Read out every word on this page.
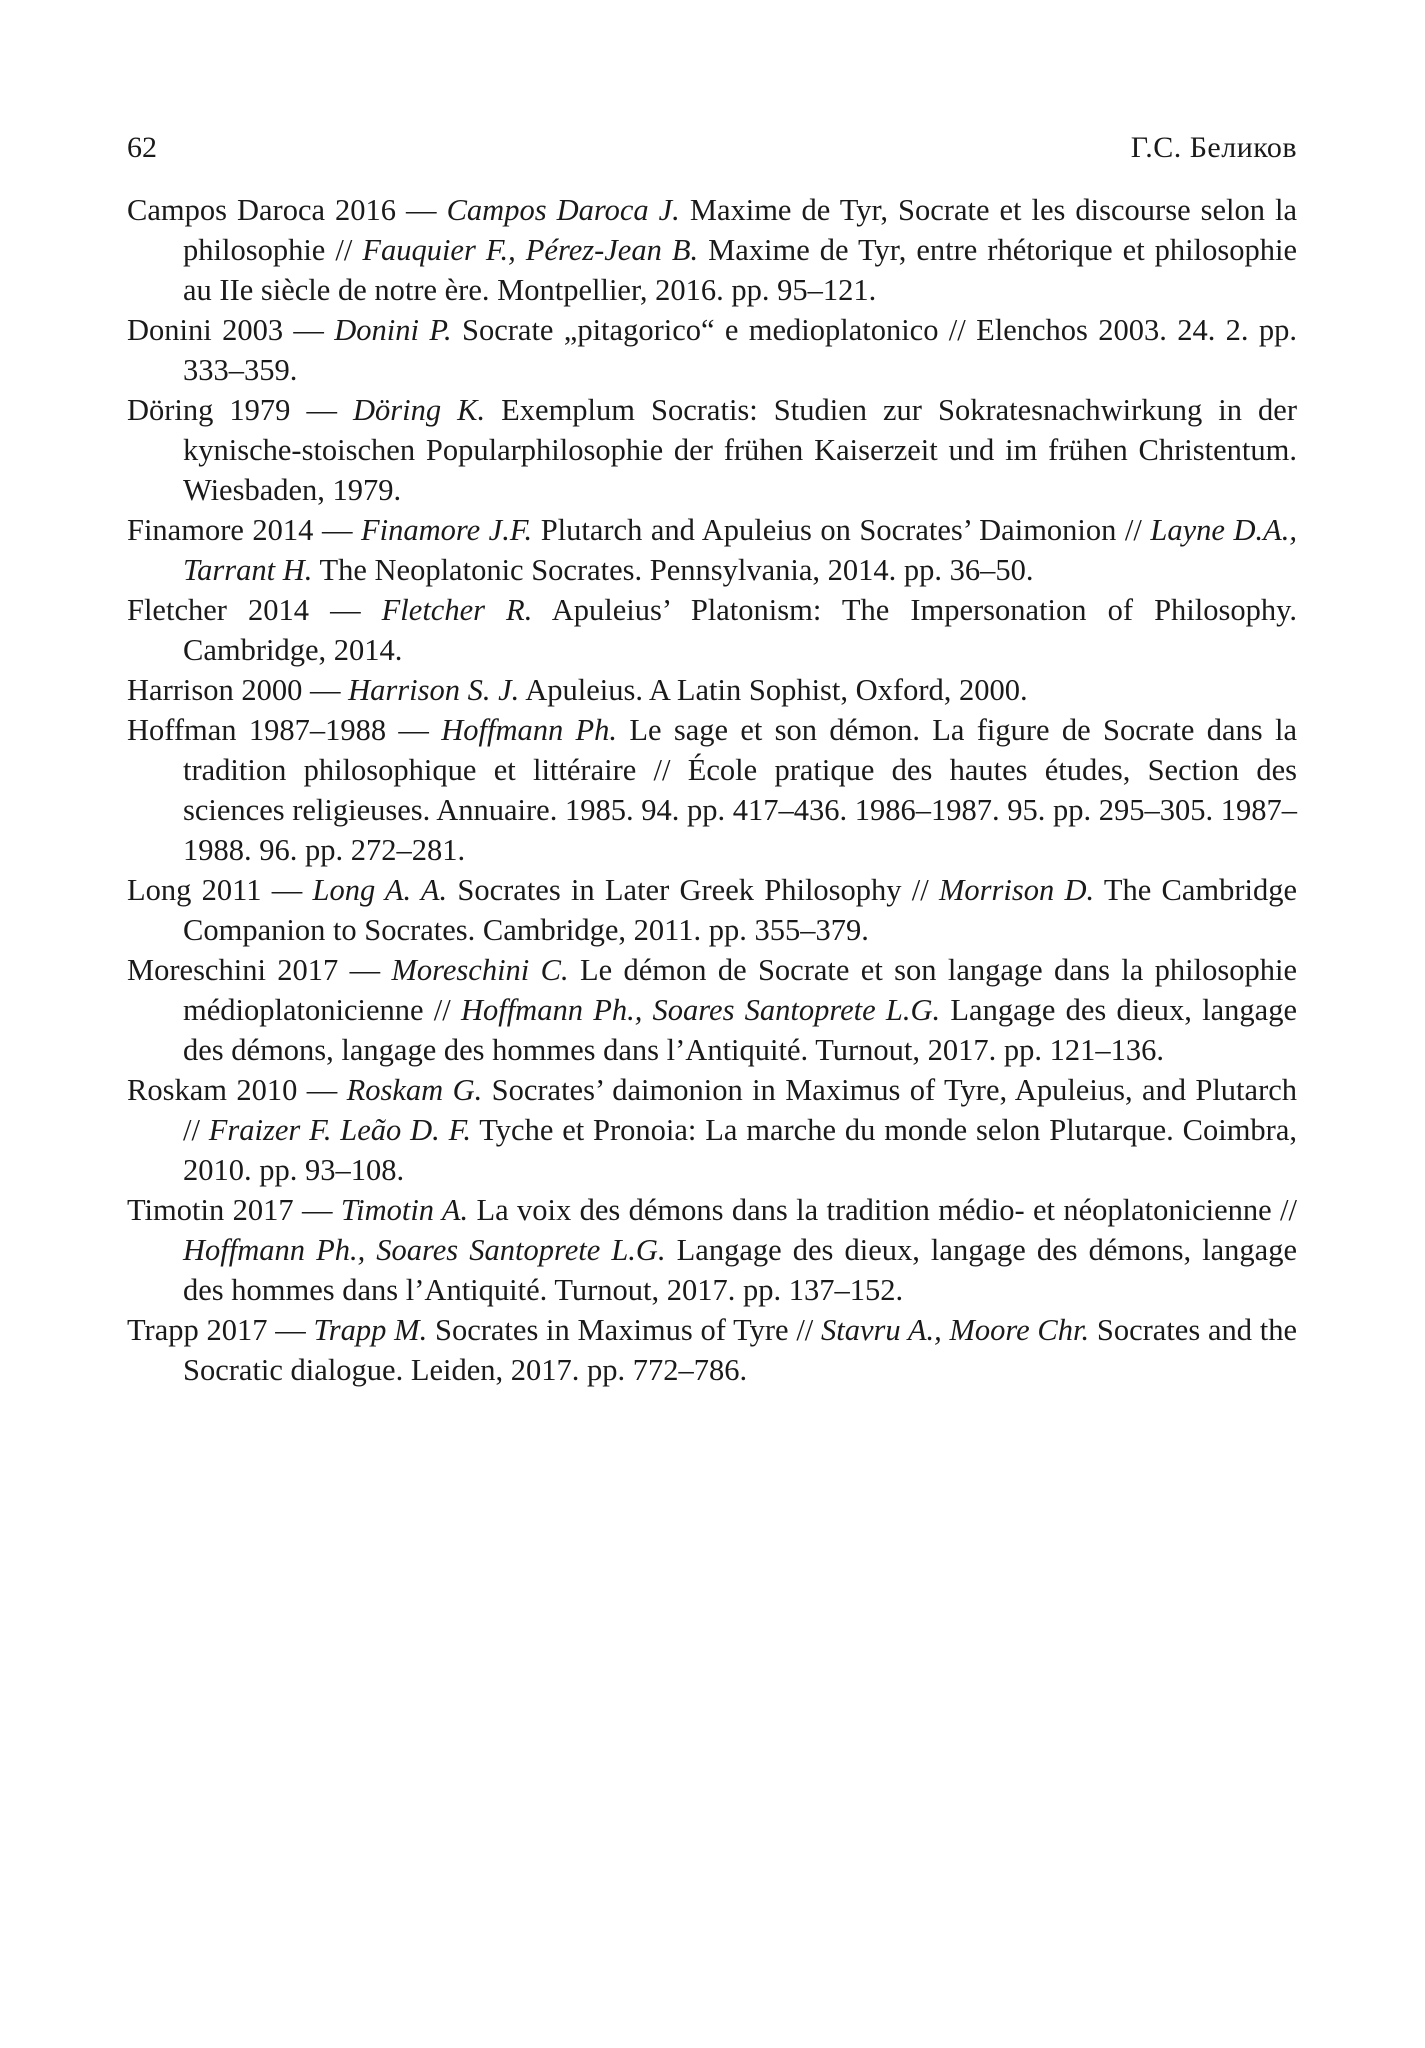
62	Г.С. Беликов
Campos Daroca 2016 — Campos Daroca J. Maxime de Tyr, Socrate et les discourse selon la philosophie // Fauquier F., Pérez-Jean B. Maxime de Tyr, entre rhétorique et philosophie au IIe siècle de notre ère. Montpellier, 2016. pp. 95–121.
Donini 2003 — Donini P. Socrate „pitagorico“ e medioplatonico // Elenchos 2003. 24. 2. pp. 333–359.
Döring 1979 — Döring K. Exemplum Socratis: Studien zur Sokratesnachwirkung in der kynische-stoischen Popularphilosophie der frühen Kaiserzeit und im frühen Christentum. Wiesbaden, 1979.
Finamore 2014 — Finamore J.F. Plutarch and Apuleius on Socrates’ Daimonion // Layne D.A., Tarrant H. The Neoplatonic Socrates. Pennsylvania, 2014. pp. 36–50.
Fletcher 2014 — Fletcher R. Apuleius’ Platonism: The Impersonation of Philosophy. Cambridge, 2014.
Harrison 2000 — Harrison S. J. Apuleius. A Latin Sophist, Oxford, 2000.
Hoffman 1987–1988 — Hoffmann Ph. Le sage et son démon. La figure de Socrate dans la tradition philosophique et littéraire // École pratique des hautes études, Section des sciences religieuses. Annuaire. 1985. 94. pp. 417–436. 1986–1987. 95. pp. 295–305. 1987–1988. 96. pp. 272–281.
Long 2011 — Long A. A. Socrates in Later Greek Philosophy // Morrison D. The Cambridge Companion to Socrates. Cambridge, 2011. pp. 355–379.
Moreschini 2017 — Moreschini C. Le démon de Socrate et son langage dans la philosophie médioplatonicienne // Hoffmann Ph., Soares Santoprete L.G. Langage des dieux, langage des démons, langage des hommes dans l’Antiquité. Turnout, 2017. pp. 121–136.
Roskam 2010 — Roskam G. Socrates’ daimonion in Maximus of Tyre, Apuleius, and Plutarch // Fraizer F. Leão D. F. Tyche et Pronoia: La marche du monde selon Plutarque. Coimbra, 2010. pp. 93–108.
Timotin 2017 — Timotin A. La voix des démons dans la tradition médio- et néoplatonicienne // Hoffmann Ph., Soares Santoprete L.G. Langage des dieux, langage des démons, langage des hommes dans l’Antiquité. Turnout, 2017. pp. 137–152.
Trapp 2017 — Trapp M. Socrates in Maximus of Tyre // Stavru A., Moore Chr. Socrates and the Socratic dialogue. Leiden, 2017. pp. 772–786.
